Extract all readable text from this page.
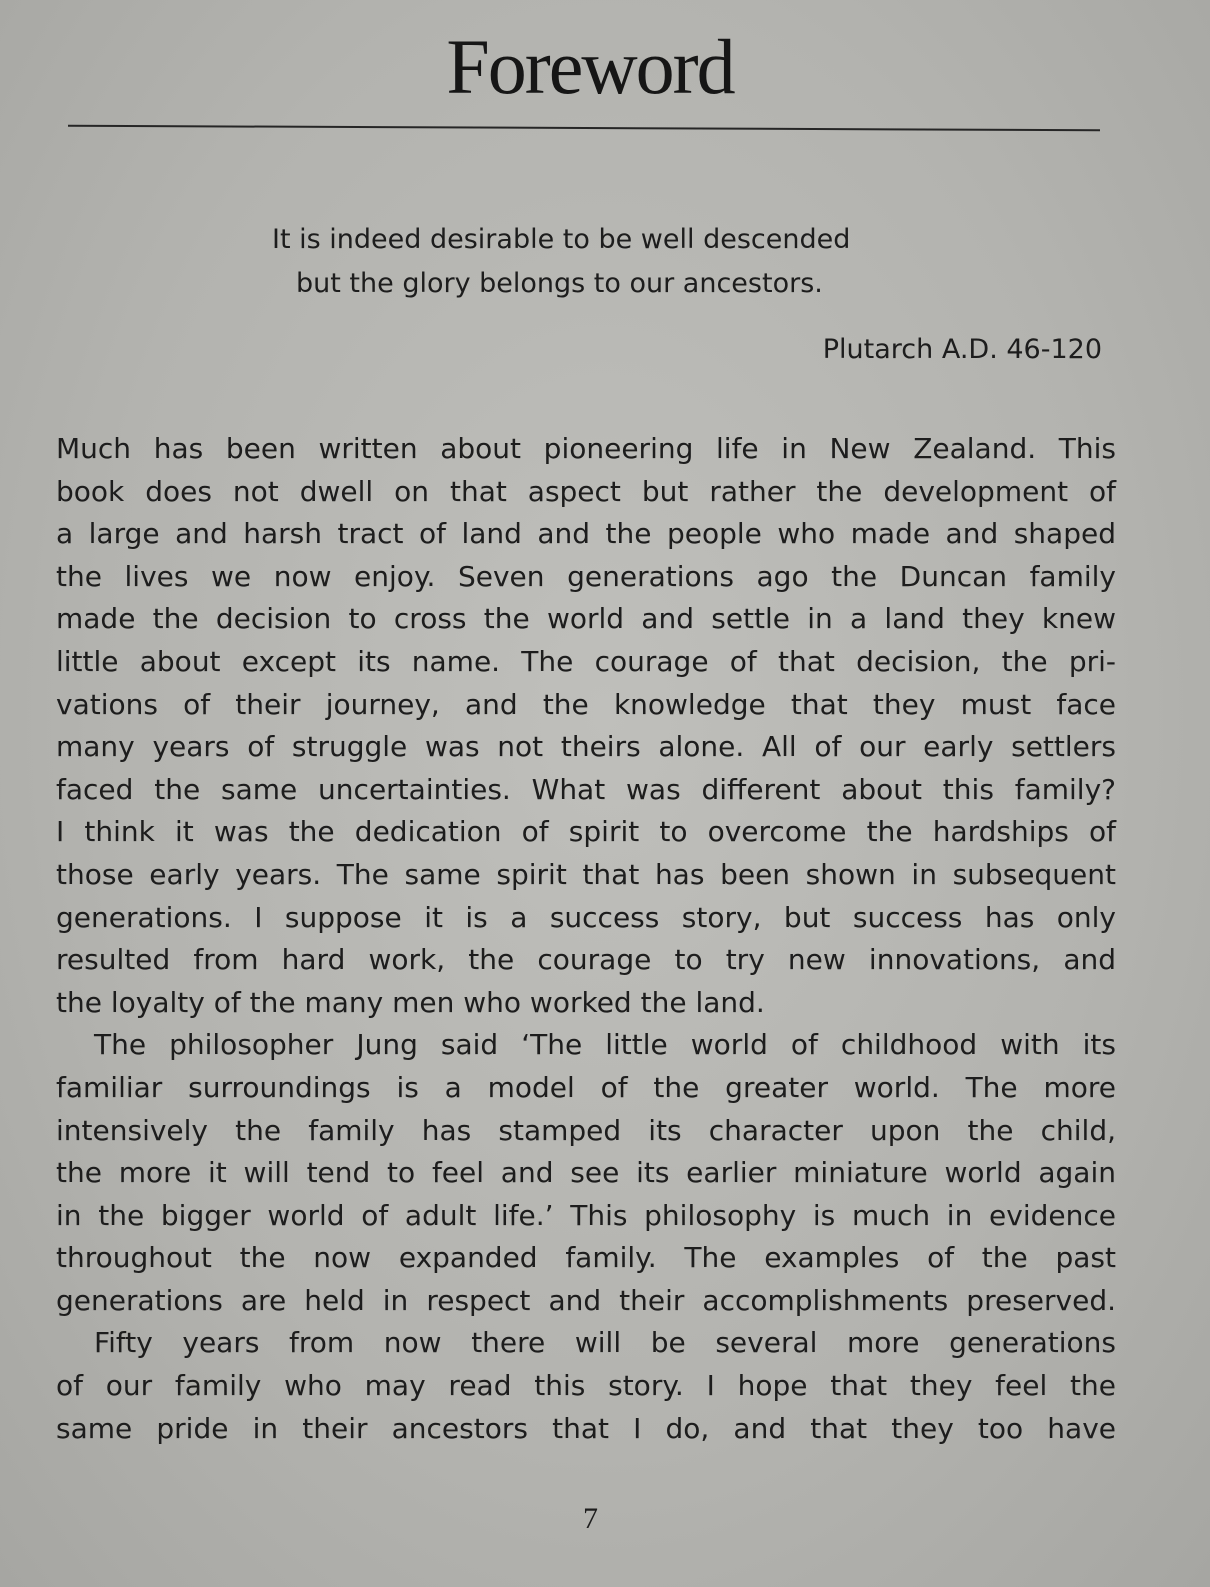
Foreword
It is indeed desirable to be well descended
but the glory belongs to our ancestors.
Plutarch A.D. 46-120
Much has been written about pioneering life in New Zealand. This
book does not dwell on that aspect but rather the development of
a large and harsh tract of land and the people who made and shaped
the lives we now enjoy. Seven generations ago the Duncan family
made the decision to cross the world and settle in a land they knew
little about except its name. The courage of that decision, the pri-
vations of their journey, and the knowledge that they must face
many years of struggle was not theirs alone. All of our early settlers
faced the same uncertainties. What was different about this family?
I think it was the dedication of spirit to overcome the hardships of
those early years. The same spirit that has been shown in subsequent
generations. I suppose it is a success story, but success has only
resulted from hard work, the courage to try new innovations, and
the loyalty of the many men who worked the land.
The philosopher Jung said ‘The little world of childhood with its
familiar surroundings is a model of the greater world. The more
intensively the family has stamped its character upon the child,
the more it will tend to feel and see its earlier miniature world again
in the bigger world of adult life.’ This philosophy is much in evidence
throughout the now expanded family. The examples of the past
generations are held in respect and their accomplishments preserved.
Fifty years from now there will be several more generations
of our family who may read this story. I hope that they feel the
same pride in their ancestors that I do, and that they too have
7
